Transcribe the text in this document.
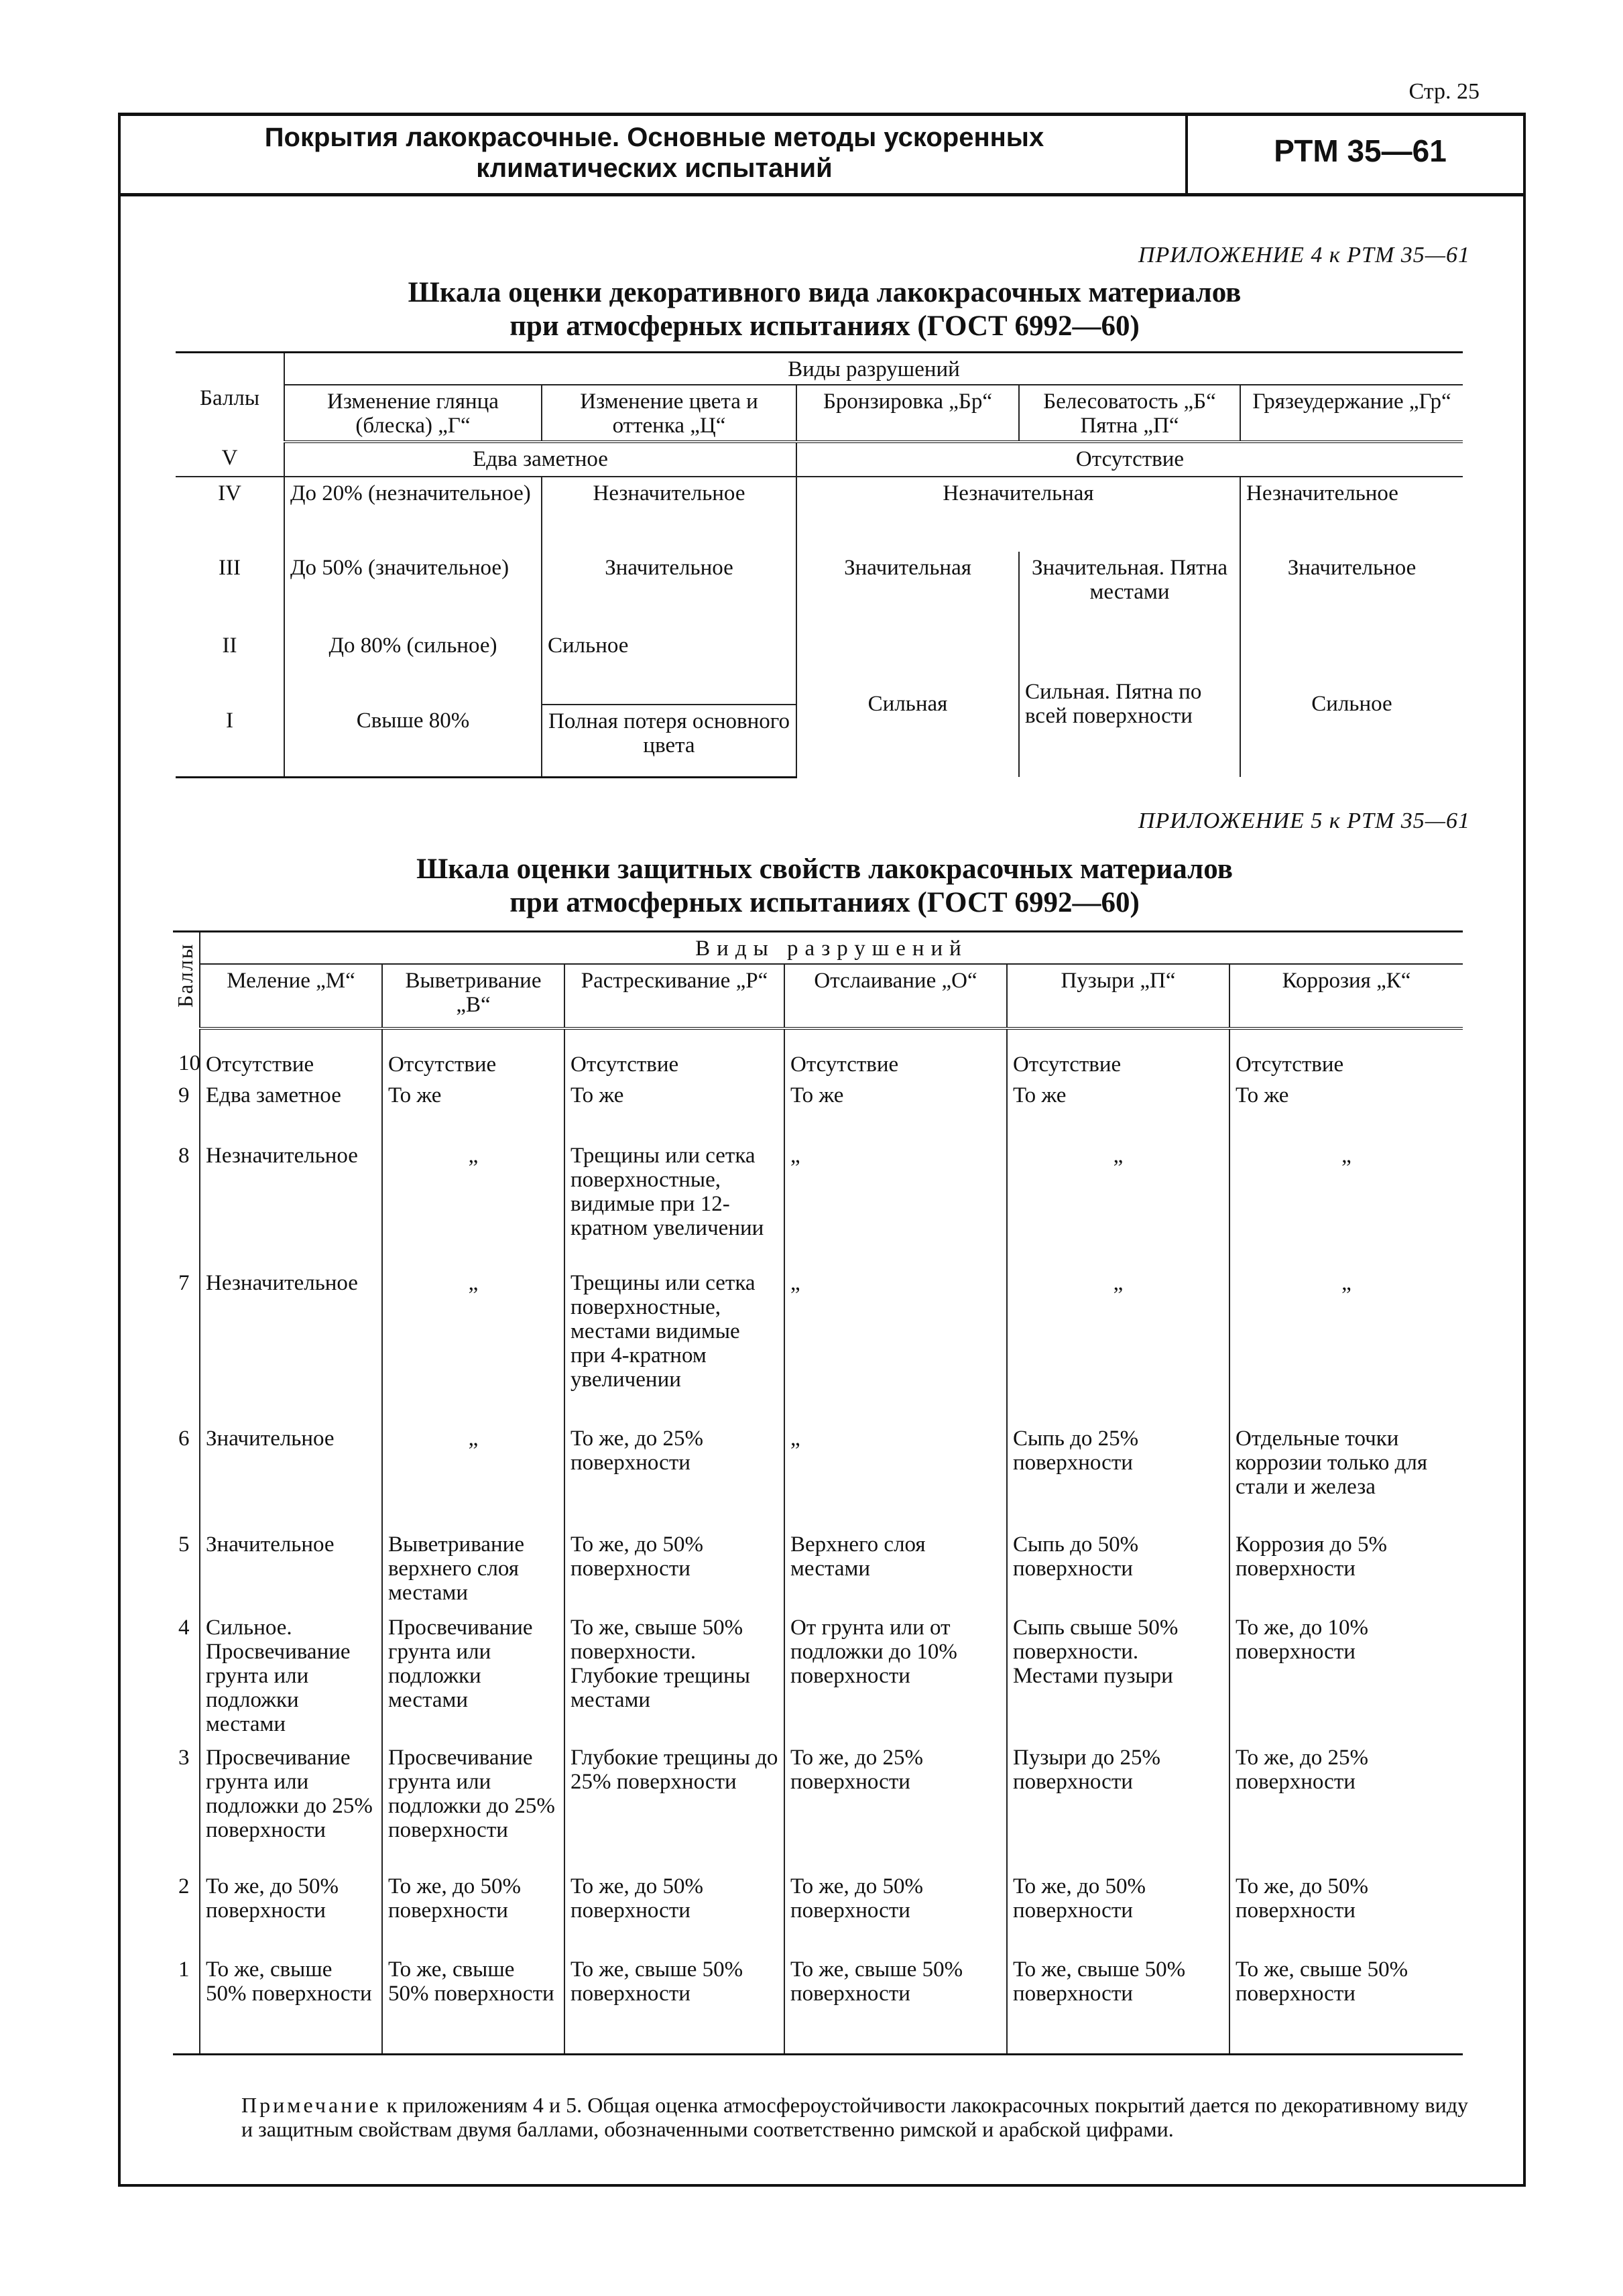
Стр. 25
Покрытия лакокрасочные. Основные методы ускоренных
климатических испытаний	РТМ 35—61
ПРИЛОЖЕНИЕ 4 к РТМ 35—61
Шкала оценки декоративного вида лакокрасочных материалов
при атмосферных испытаниях (ГОСТ 6992—60)
Баллы	Виды разрушений				
	Изменение глянца (блеска) „Г“	Изменение цвета и оттенка „Ц“	Бронзировка „Бр“	Белесоватость „Б“ Пятна „П“	Грязеудержание „Гр“
V	Едва заметное		Отсутствие		
IV	До 20% (незначительное)	Незначительное	Незначительная		Незначительное
III	До 50% (значительное)	Значительное	Значительная	Значительная. Пятна местами	Значительное
II	До 80% (сильное)	Сильное	Сильная	Сильная. Пятна по всей поверхности	Сильное
I	Свыше 80%	Полная потеря основного цвета			
ПРИЛОЖЕНИЕ 5 к РТМ 35—61
Шкала оценки защитных свойств лакокрасочных материалов
при атмосферных испытаниях (ГОСТ 6992—60)
Баллы	Виды разрушений					
	Меление „М“	Выветривание „В“	Растрескивание „Р“	Отслаивание „О“	Пузыри „П“	Коррозия „К“
10	Отсутствие	Отсутствие	Отсутствие	Отсутствие	Отсутствие	Отсутствие
9	Едва заметное	То же	То же	То же	То же	То же
8	Незначительное	„	Трещины или сетка поверхностные, видимые при 12-кратном увеличении	„	„	„
7	Незначительное	„	Трещины или сетка поверхностные, местами видимые при 4-кратном увеличении	„	„	„
6	Значительное	„	То же, до 25% поверхности	„	Сыпь до 25% поверхности	Отдельные точки коррозии только для стали и железа
5	Значительное	Выветривание верхнего слоя местами	То же, до 50% поверхности	Верхнего слоя местами	Сыпь до 50% поверхности	Коррозия до 5% поверхности
4	Сильное. Просвечивание грунта или подложки местами	Просвечивание грунта или подложки местами	То же, свыше 50% поверхности. Глубокие трещины местами	От грунта или от подложки до 10% поверхности	Сыпь свыше 50% поверхности. Местами пузыри	То же, до 10% поверхности
3	Просвечивание грунта или подложки до 25% поверхности	Просвечивание грунта или подложки до 25% поверхности	Глубокие трещины до 25% поверхности	То же, до 25% поверхности	Пузыри до 25% поверхности	То же, до 25% поверхности
2	То же, до 50% поверхности	То же, до 50% поверхности	То же, до 50% поверхности	То же, до 50% поверхности	То же, до 50% поверхности	То же, до 50% поверхности
1	То же, свыше 50% поверхности	То же, свыше 50% поверхности	То же, свыше 50% поверхности	То же, свыше 50% поверхности	То же, свыше 50% поверхности	То же, свыше 50% поверхности
Примечание к приложениям 4 и 5. Общая оценка атмосфероустойчивости лакокрасочных покрытий дается по декоративному виду и защитным свойствам двумя баллами, обозначенными соответственно римской и арабской цифрами.
